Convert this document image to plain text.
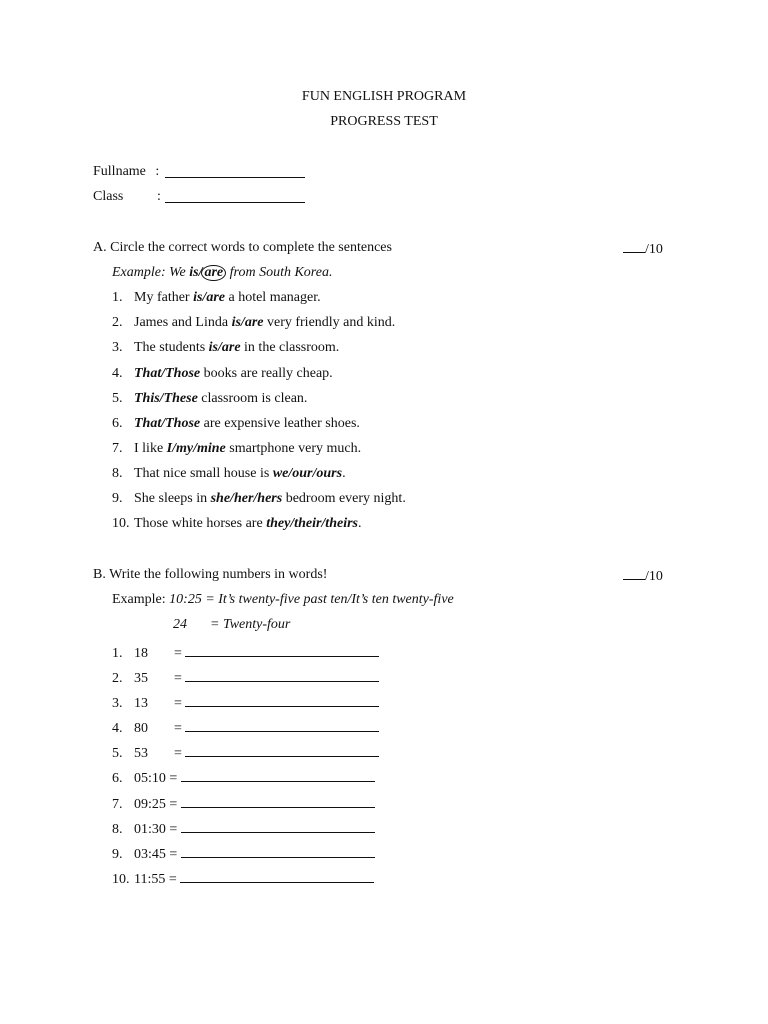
FUN ENGLISH PROGRAM
PROGRESS TEST
Fullname :
Class :
A. Circle the correct words to complete the sentences	/10
Example: We is/ are from South Korea.
1. My father is/are a hotel manager.
2. James and Linda is/are very friendly and kind.
3. The students is/are in the classroom.
4. That/Those books are really cheap.
5. This/These classroom is clean.
6. That/Those are expensive leather shoes.
7. I like I/my/mine smartphone very much.
8. That nice small house is we/our/ours.
9. She sleeps in she/her/hers bedroom every night.
10. Those white horses are they/their/theirs.
B. Write the following numbers in words!	/10
Example: 10:25 = It’s twenty-five past ten/It’s ten twenty-five
24 = Twenty-four
1. 18 =
2. 35 =
3. 13 =
4. 80 =
5. 53 =
6. 05:10 =
7. 09:25 =
8. 01:30 =
9. 03:45 =
10. 11:55 =
